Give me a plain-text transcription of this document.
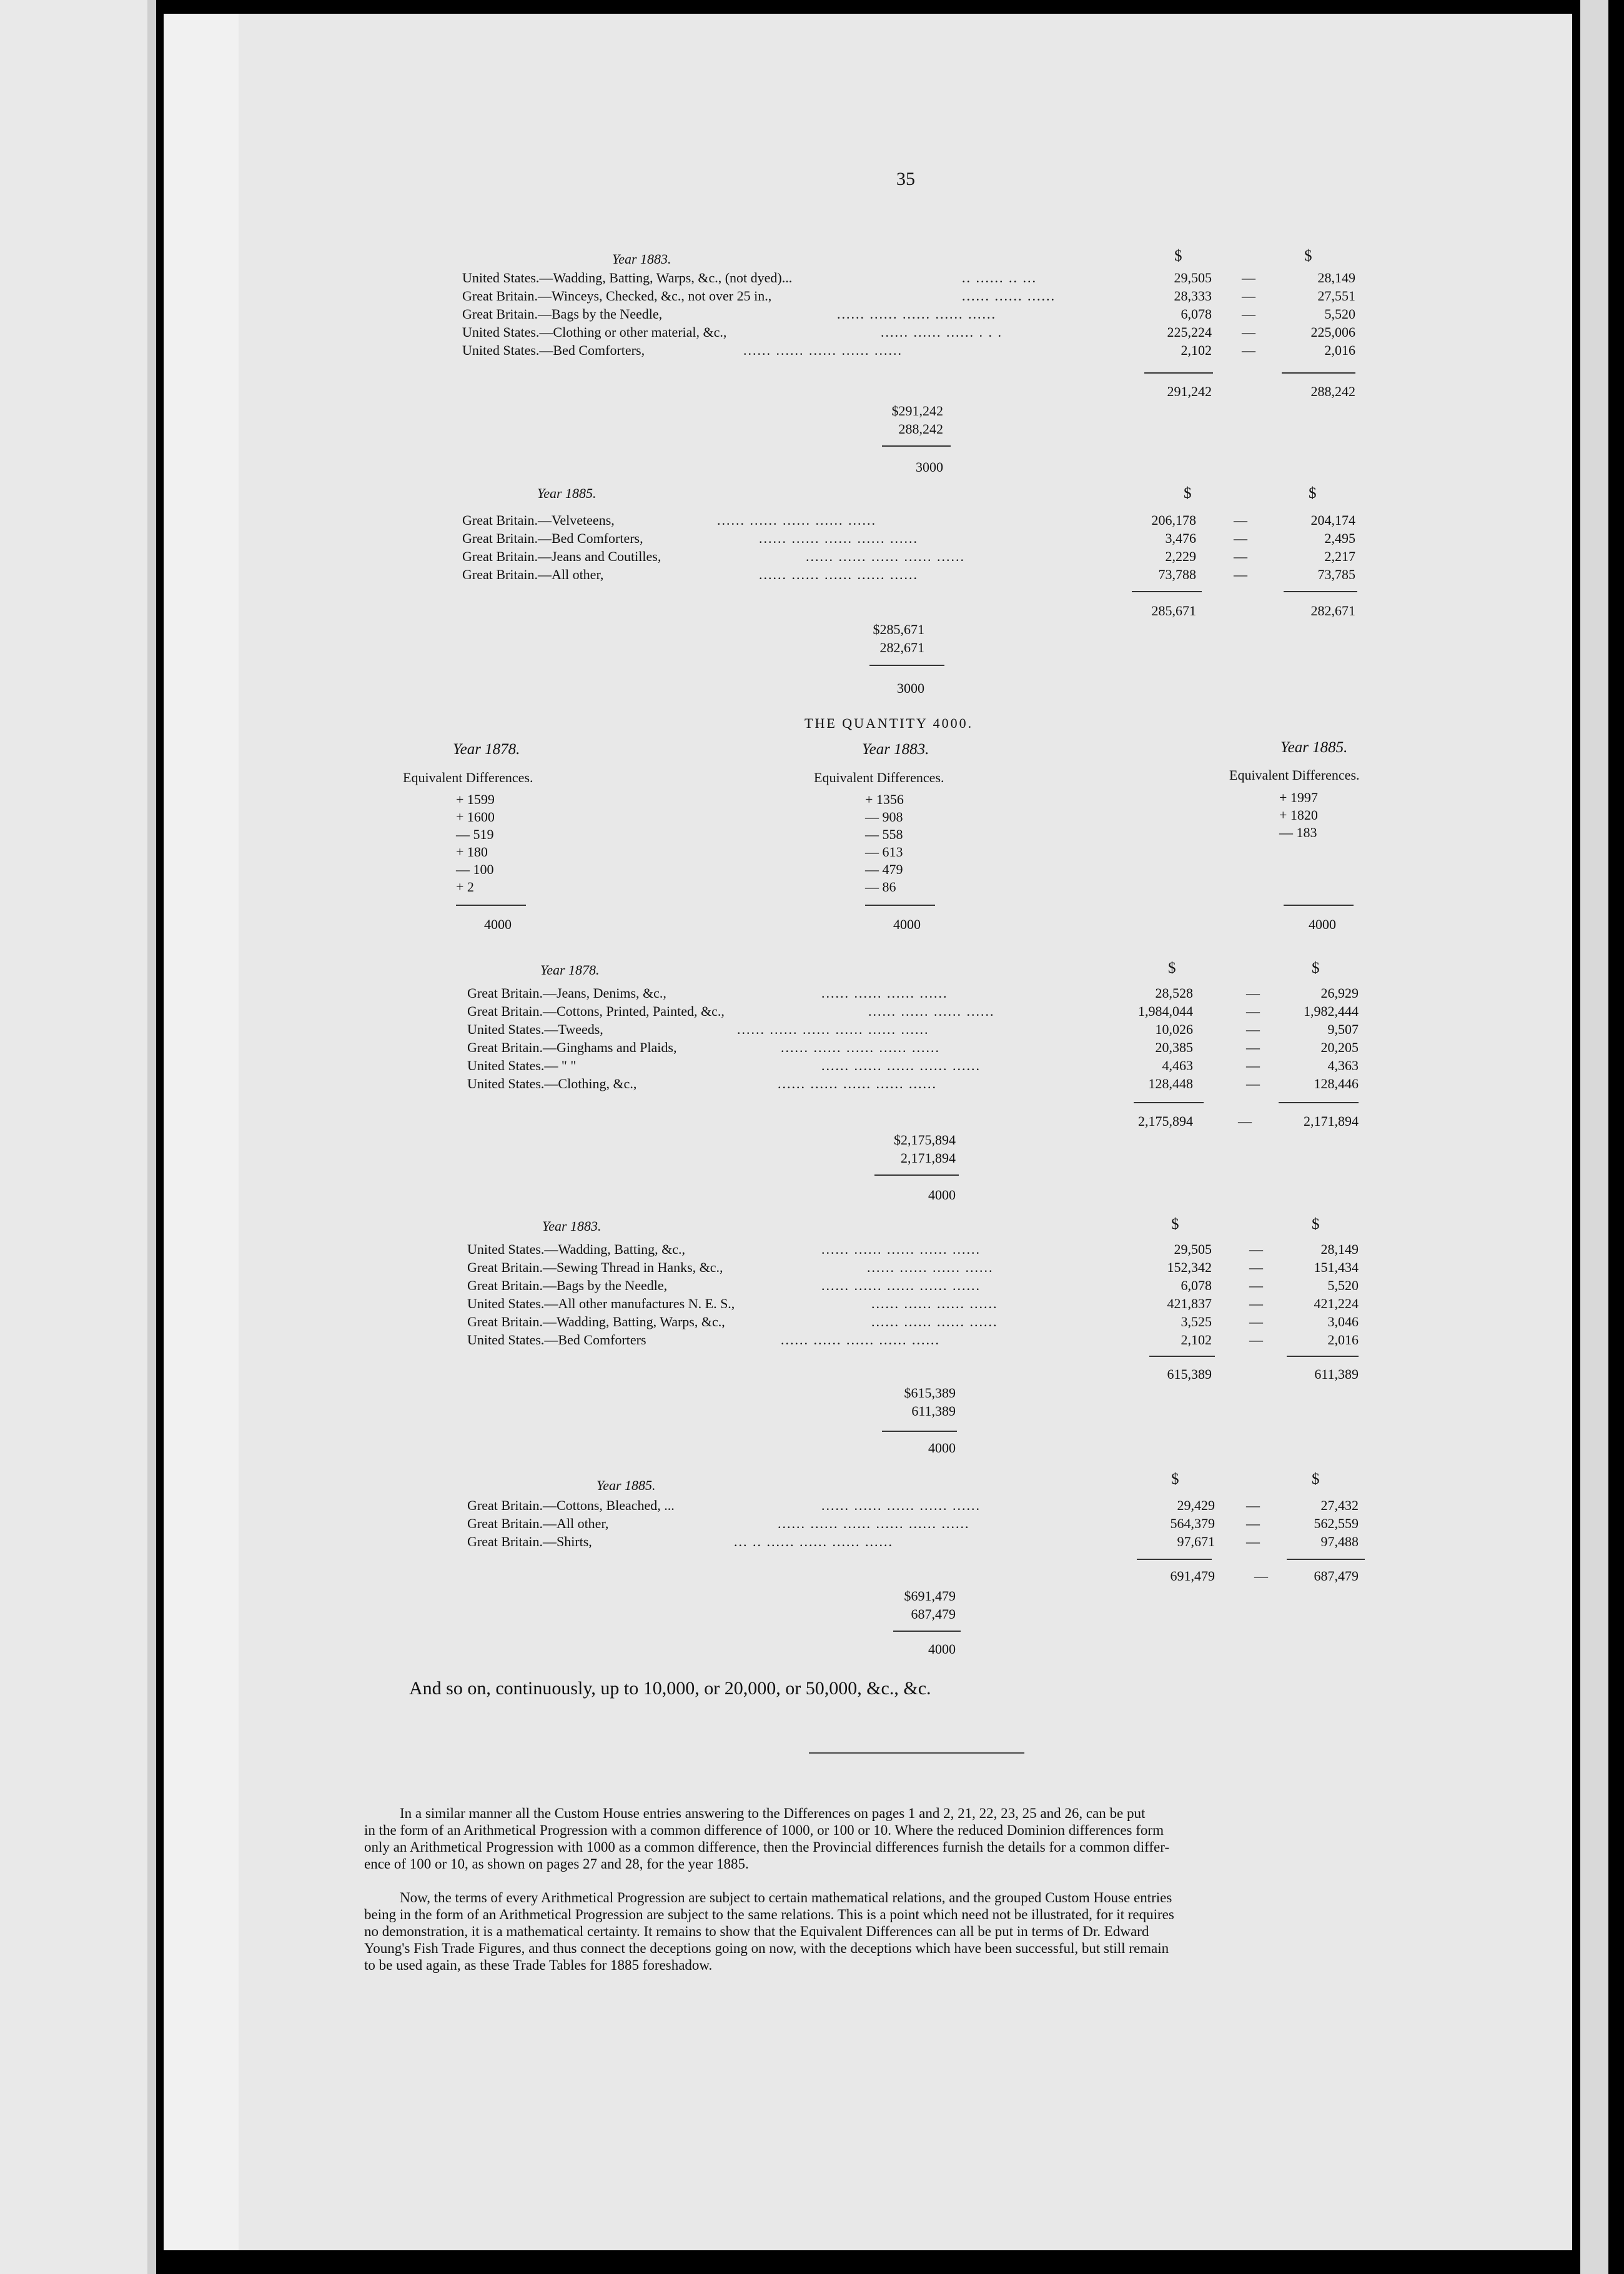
35
Year 1883.	$	$
United States.—Wadding, Batting, Warps, &c., (not dyed)...	.. ...... .. ...	29,505 —	28,149
Great Britain.—Winceys, Checked, &c., not over 25 in.,	...... ...... ......	28,333 —	27,551
Great Britain.—Bags by the Needle,	...... ...... ...... ...... ......	6,078 —	5,520
United States.—Clothing or other material, &c.,	...... ...... ...... . . .	225,224 —	225,006
United States.—Bed Comforters,	...... ...... ...... ...... ......	2,102 —	2,016
291,242	288,242
$291,242
288,242
3000
Year 1885.	$	$
Great Britain.—Velveteens,	...... ...... ...... ...... ......	206,178	—	204,174
Great Britain.—Bed Comforters,	...... ...... ...... ...... ......	3,476	—	2,495
Great Britain.—Jeans and Coutilles,	...... ...... ...... ...... ......	2,229	—	2,217
Great Britain.—All other,	...... ...... ...... ...... ......	73,788	—	73,785
285,671	282,671
$285,671
282,671
3000
THE QUANTITY 4000.
Year 1878.
Equivalent Differences.
+ 1599
+ 1600
— 519
+ 180
— 100
+ 2
4000
Year 1883.
Equivalent Differences.
+ 1356
— 908
— 558
— 613
— 479
— 86
4000
Year 1885.
Equivalent Differences.
+ 1997
+ 1820
— 183
4000
Year 1878.	$	$
Great Britain.—Jeans, Denims, &c.,	...... ...... ...... ......	28,528	—	26,929
Great Britain.—Cottons, Printed, Painted, &c.,	...... ...... ...... ......	1,984,044	—	1,982,444
United States.—Tweeds,	...... ...... ...... ...... ...... ......	10,026	—	9,507
Great Britain.—Ginghams and Plaids,	...... ...... ...... ...... ......	20,385	—	20,205
United States.— " "	...... ...... ...... ...... ......	4,463	—	4,363
United States.—Clothing, &c.,	...... ...... ...... ...... ......	128,448	—	128,446
2,175,894	—	2,171,894
$2,175,894
2,171,894
4000
Year 1883.	$	$
United States.—Wadding, Batting, &c.,	...... ...... ...... ...... ......	29,505	—	28,149
Great Britain.—Sewing Thread in Hanks, &c.,	...... ...... ...... ......	152,342	—	151,434
Great Britain.—Bags by the Needle,	...... ...... ...... ...... ......	6,078	—	5,520
United States.—All other manufactures N. E. S.,	...... ...... ...... ......	421,837	—	421,224
Great Britain.—Wadding, Batting, Warps, &c.,	...... ...... ...... ......	3,525	—	3,046
United States.—Bed Comforters	...... ...... ...... ...... ......	2,102	—	2,016
615,389	611,389
$615,389
611,389
4000
Year 1885.	$	$
Great Britain.—Cottons, Bleached, ...	...... ...... ...... ...... ......	29,429 —	27,432
Great Britain.—All other,	...... ...... ...... ...... ...... ......	564,379 —	562,559
Great Britain.—Shirts,	... .. ...... ...... ...... ......	97,671 —	97,488
691,479	—	687,479
$691,479
687,479
4000
And so on, continuously, up to 10,000, or 20,000, or 50,000, &c., &c.
In a similar manner all the Custom House entries answering to the Differences on pages 1 and 2, 21, 22, 23, 25 and 26, can be put
in the form of an Arithmetical Progression with a common difference of 1000, or 100 or 10. Where the reduced Dominion differences form
only an Arithmetical Progression with 1000 as a common difference, then the Provincial differences furnish the details for a common differ-
ence of 100 or 10, as shown on pages 27 and 28, for the year 1885.
Now, the terms of every Arithmetical Progression are subject to certain mathematical relations, and the grouped Custom House entries
being in the form of an Arithmetical Progression are subject to the same relations. This is a point which need not be illustrated, for it requires
no demonstration, it is a mathematical certainty. It remains to show that the Equivalent Differences can all be put in terms of Dr. Edward
Young's Fish Trade Figures, and thus connect the deceptions going on now, with the deceptions which have been successful, but still remain
to be used again, as these Trade Tables for 1885 foreshadow.
